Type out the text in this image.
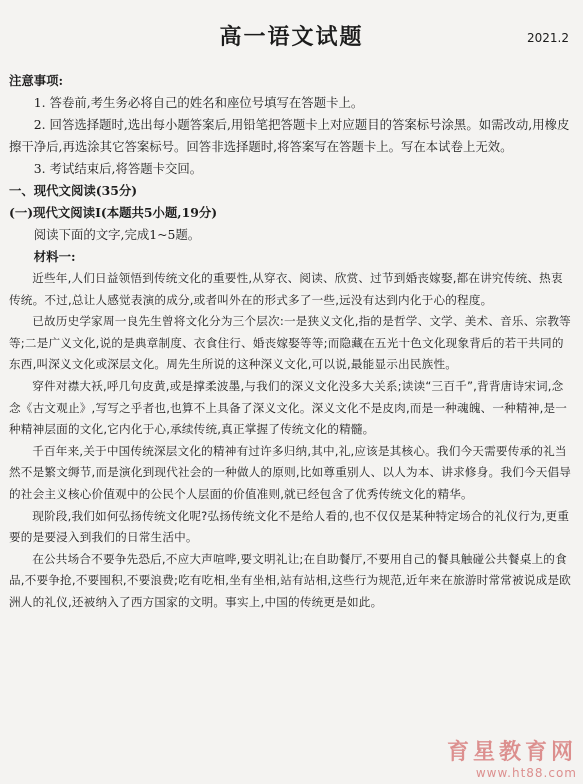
高一语文试题	2021.2

注意事项:

1. 答卷前,考生务必将自己的姓名和座位号填写在答题卡上。

2. 回答选择题时,选出每小题答案后,用铅笔把答题卡上对应题目的答案标号涂黑。如需改动,用橡皮擦干净后,再选涂其它答案标号。回答非选择题时,将答案写在答题卡上。写在本试卷上无效。

3. 考试结束后,将答题卡交回。

一、现代文阅读(35分)

(一)现代文阅读Ⅰ(本题共5小题,19分)

阅读下面的文字,完成1~5题。

材料一:

近些年,人们日益领悟到传统文化的重要性,从穿衣、阅读、欣赏、过节到婚丧嫁娶,都在讲究传统、热衷传统。不过,总让人感觉表演的成分,或者叫外在的形式多了一些,远没有达到内化于心的程度。

已故历史学家周一良先生曾将文化分为三个层次:一是狭义文化,指的是哲学、文学、美术、音乐、宗教等等;二是广义文化,说的是典章制度、衣食住行、婚丧嫁娶等等;而隐藏在五光十色文化现象背后的若干共同的东西,叫深义文化或深层文化。周先生所说的这种深义文化,可以说,最能显示出民族性。

穿件对襟大袄,呼几句皮黄,或是撑柔波墨,与我们的深义文化没多大关系;读读“三百千”,背背唐诗宋词,念念《古文观止》,写写之乎者也,也算不上具备了深义文化。深义文化不是皮肉,而是一种魂魄、一种精神,是一种精神层面的文化,它内化于心,承续传统,真正掌握了传统文化的精髓。

千百年来,关于中国传统深层文化的精神有过许多归纳,其中,礼,应该是其核心。我们今天需要传承的礼当然不是繁文缛节,而是演化到现代社会的一种做人的原则,比如尊重别人、以人为本、讲求修身。我们今天倡导的社会主义核心价值观中的公民个人层面的价值准则,就已经包含了优秀传统文化的精华。

现阶段,我们如何弘扬传统文化呢?弘扬传统文化不是给人看的,也不仅仅是某种特定场合的礼仪行为,更重要的是要浸入到我们的日常生活中。

在公共场合不要争先恐后,不应大声喧哗,要文明礼让;在自助餐厅,不要用自己的餐具触碰公共餐桌上的食品,不要争抢,不要囤积,不要浪费;吃有吃相,坐有坐相,站有站相,这些行为规范,近年来在旅游时常常被说成是欧洲人的礼仪,还被纳入了西方国家的文明。事实上,中国的传统更是如此。

育星教育网
www.ht88.com
